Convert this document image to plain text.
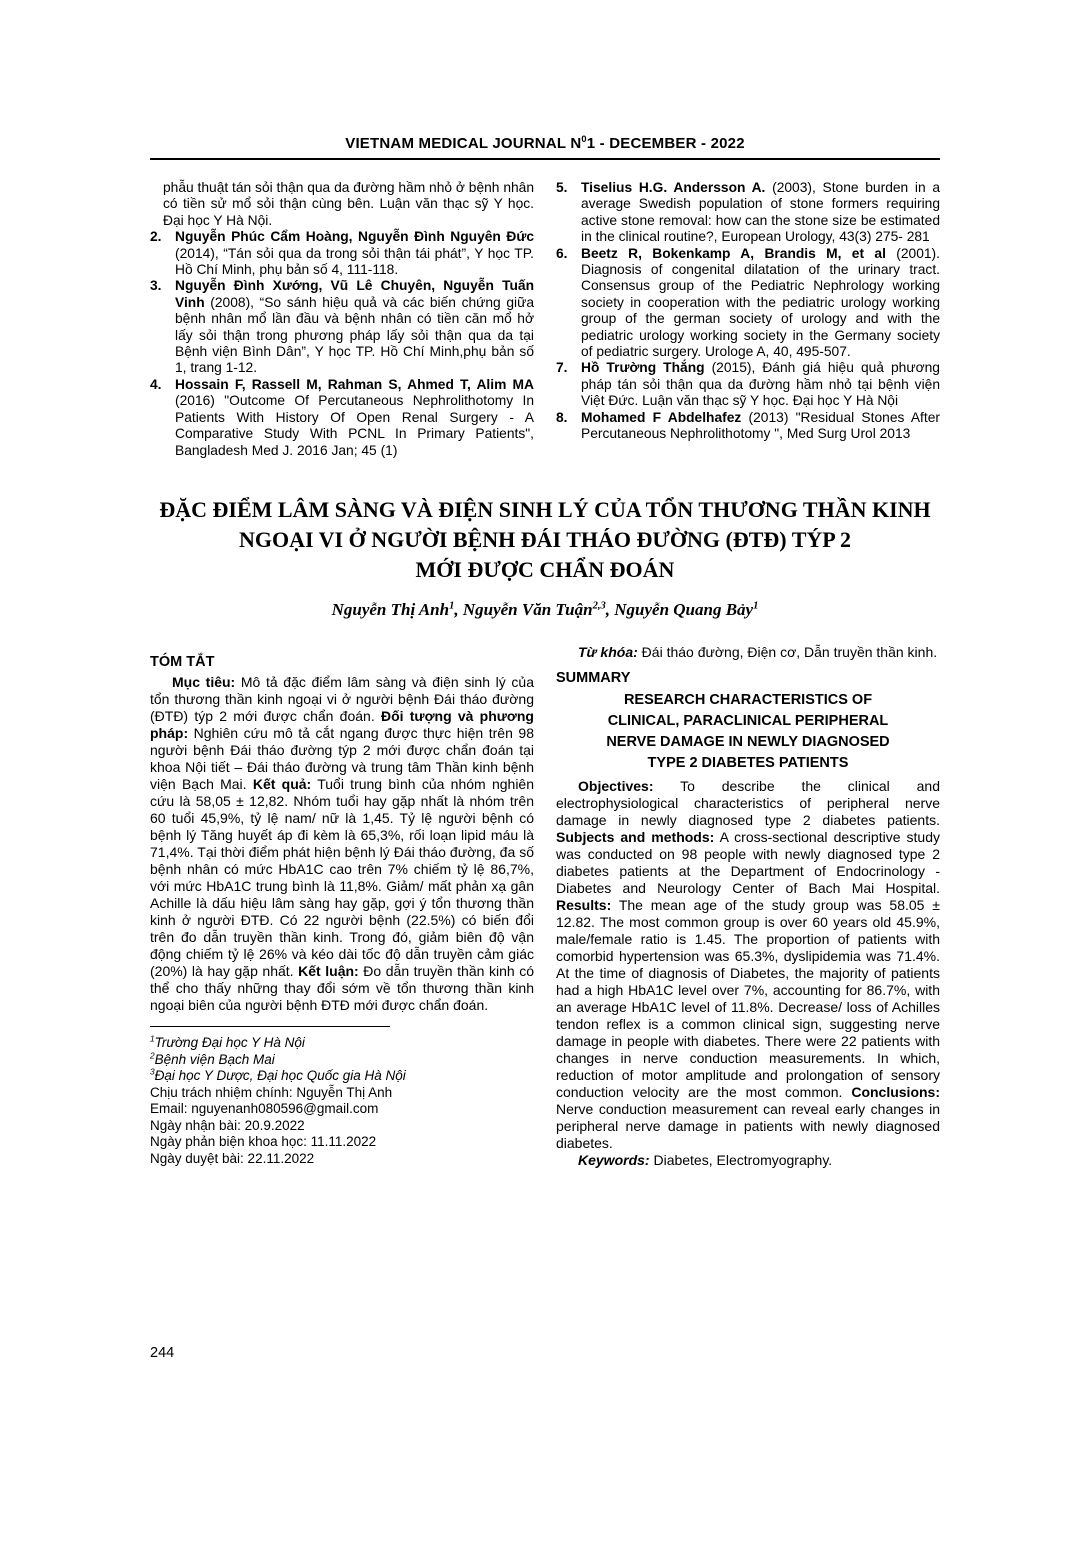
VIETNAM MEDICAL JOURNAL $N^01$ - DECEMBER - 2022

phẫu thuật tán sỏi thận qua da đường hầm nhỏ ở bệnh nhân có tiền sử mổ sỏi thận cùng bên. Luận văn thạc sỹ Y học. Đại học Y Hà Nội.

2. Nguyễn Phúc Cẩm Hoàng, Nguyễn Đình Nguyên Đức (2014), “Tán sỏi qua da trong sỏi thận tái phát”, Y học TP. Hồ Chí Minh, phụ bản số 4, 111-118.

3. Nguyễn Đình Xướng, Vũ Lê Chuyên, Nguyễn Tuấn Vinh (2008), “So sánh hiệu quả và các biến chứng giữa bệnh nhân mổ lần đầu và bệnh nhân có tiền căn mổ hở lấy sỏi thận trong phương pháp lấy sỏi thận qua da tại Bệnh viện Bình Dân”, Y học TP. Hồ Chí Minh,phụ bản số 1, trang 1-12.

4. Hossain F, Rassell M, Rahman S, Ahmed T, Alim MA (2016) "Outcome Of Percutaneous Nephrolithotomy In Patients With History Of Open Renal Surgery - A Comparative Study With PCNL In Primary Patients", Bangladesh Med J. 2016 Jan; 45 (1)

5. Tiselius H.G. Andersson A. (2003), Stone burden in a average Swedish population of stone formers requiring active stone removal: how can the stone size be estimated in the clinical routine?, European Urology, 43(3) 275- 281

6. Beetz R, Bokenkamp A, Brandis M, et al (2001). Diagnosis of congenital dilatation of the urinary tract. Consensus group of the Pediatric Nephrology working society in cooperation with the pediatric urology working group of the german society of urology and with the pediatric urology working society in the Germany society of pediatric surgery. Urologe A, 40, 495-507.

7. Hồ Trường Thắng (2015), Đánh giá hiệu quả phương pháp tán sỏi thận qua da đường hầm nhỏ tại bệnh viện Việt Đức. Luận văn thạc sỹ Y học. Đại học Y Hà Nội

8. Mohamed F Abdelhafez (2013) "Residual Stones After Percutaneous Nephrolithotomy ", Med Surg Urol 2013

ĐẶC ĐIỂM LÂM SÀNG VÀ ĐIỆN SINH LÝ CỦA TỔN THƯƠNG THẦN KINH
NGOẠI VI Ở NGƯỜI BỆNH ĐÁI THÁO ĐƯỜNG (ĐTĐ) TÝP 2
MỚI ĐƯỢC CHẨN ĐOÁN
Nguyễn Thị Anh$^1$, Nguyễn Văn Tuận$^{2,3}$, Nguyễn Quang Bảy$^1$
TÓM TẮT

Mục tiêu: Mô tả đặc điểm lâm sàng và điện sinh lý của tổn thương thần kinh ngoại vi ở người bệnh Đái tháo đường (ĐTĐ) týp 2 mới được chẩn đoán. Đối tượng và phương pháp: Nghiên cứu mô tả cắt ngang được thực hiện trên 98 người bệnh Đái tháo đường týp 2 mới được chẩn đoán tại khoa Nội tiết – Đái tháo đường và trung tâm Thần kinh bệnh viện Bạch Mai. Kết quả: Tuổi trung bình của nhóm nghiên cứu là 58,05 ± 12,82. Nhóm tuổi hay gặp nhất là nhóm trên 60 tuổi 45,9%, tỷ lệ nam/ nữ là 1,45. Tỷ lệ người bệnh có bệnh lý Tăng huyết áp đi kèm là 65,3%, rối loạn lipid máu là 71,4%. Tại thời điểm phát hiện bệnh lý Đái tháo đường, đa số bệnh nhân có mức HbA1C cao trên 7% chiếm tỷ lệ 86,7%, với mức HbA1C trung bình là 11,8%. Giảm/ mất phản xạ gân Achille là dấu hiệu lâm sàng hay gặp, gợi ý tổn thương thần kinh ở người ĐTĐ. Có 22 người bệnh (22.5%) có biến đổi trên đo dẫn truyền thần kinh. Trong đó, giảm biên độ vận động chiếm tỷ lệ 26% và kéo dài tốc độ dẫn truyền cảm giác (20%) là hay gặp nhất. Kết luận: Đo dẫn truyền thần kinh có thể cho thấy những thay đổi sớm về tổn thương thần kinh ngoại biên của người bệnh ĐTĐ mới được chẩn đoán.

$^1$Trường Đại học Y Hà Nội
$^2$Bệnh viện Bạch Mai
$^3$Đại học Y Dược, Đại học Quốc gia Hà Nội
Chịu trách nhiệm chính: Nguyễn Thị Anh
Email: nguyenanh080596@gmail.com
Ngày nhận bài: 20.9.2022
Ngày phản biện khoa học: 11.11.2022
Ngày duyệt bài: 22.11.2022

Từ khóa: Đái tháo đường, Điện cơ, Dẫn truyền thần kinh.

SUMMARY
RESEARCH CHARACTERISTICS OF
CLINICAL, PARACLINICAL PERIPHERAL
NERVE DAMAGE IN NEWLY DIAGNOSED
TYPE 2 DIABETES PATIENTS

Objectives: To describe the clinical and electrophysiological characteristics of peripheral nerve damage in newly diagnosed type 2 diabetes patients. Subjects and methods: A cross-sectional descriptive study was conducted on 98 people with newly diagnosed type 2 diabetes patients at the Department of Endocrinology - Diabetes and Neurology Center of Bach Mai Hospital. Results: The mean age of the study group was 58.05 ± 12.82. The most common group is over 60 years old 45.9%, male/female ratio is 1.45. The proportion of patients with comorbid hypertension was 65.3%, dyslipidemia was 71.4%. At the time of diagnosis of Diabetes, the majority of patients had a high HbA1C level over 7%, accounting for 86.7%, with an average HbA1C level of 11.8%. Decrease/ loss of Achilles tendon reflex is a common clinical sign, suggesting nerve damage in people with diabetes. There were 22 patients with changes in nerve conduction measurements. In which, reduction of motor amplitude and prolongation of sensory conduction velocity are the most common. Conclusions: Nerve conduction measurement can reveal early changes in peripheral nerve damage in patients with newly diagnosed diabetes.

Keywords: Diabetes, Electromyography.

244
